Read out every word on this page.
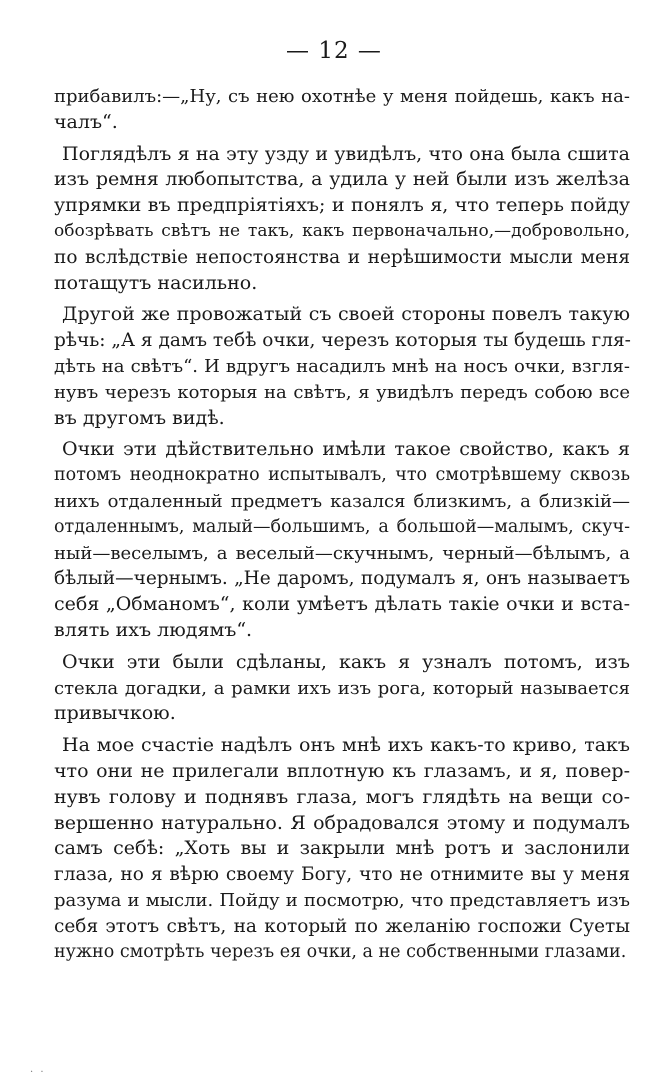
— 12 —
прибавилъ:—„Ну, съ нею охотнѣе у меня пойдешь, какъ на-
чалъ“.
Поглядѣлъ я на эту узду и увидѣлъ, что она была сшита
изъ ремня любопытства, а удила у ней были изъ желѣза
упрямки въ предпріятіяхъ; и понялъ я, что теперь пойду
обозрѣвать свѣтъ не такъ, какъ первоначально,—добровольно,
по вслѣдствіе непостоянства и нерѣшимости мысли меня
потащутъ насильно.
Другой же провожатый съ своей стороны повелъ такую
рѣчь: „А я дамъ тебѣ очки, черезъ которыя ты будешь гля-
дѣть на свѣтъ“. И вдругъ насадилъ мнѣ на носъ очки, взгля-
нувъ черезъ которыя на свѣтъ, я увидѣлъ передъ собою все
въ другомъ видѣ.
Очки эти дѣйствительно имѣли такое свойство, какъ я
потомъ неоднократно испытывалъ, что смотрѣвшему сквозь
нихъ отдаленный предметъ казался близкимъ, а близкій—
отдаленнымъ, малый—большимъ, а большой—малымъ, скуч-
ный—веселымъ, а веселый—скучнымъ, черный—бѣлымъ, а
бѣлый—чернымъ. „Не даромъ, подумалъ я, онъ называетъ
себя „Обманомъ“, коли умѣетъ дѣлать такіе очки и вста-
влять ихъ людямъ“.
Очки эти были сдѣланы, какъ я узналъ потомъ, изъ
стекла догадки, а рамки ихъ изъ рога, который называется
привычкою.
На мое счастіе надѣлъ онъ мнѣ ихъ какъ-то криво, такъ
что они не прилегали вплотную къ глазамъ, и я, повер-
нувъ голову и поднявъ глаза, могъ глядѣть на вещи со-
вершенно натурально. Я обрадовался этому и подумалъ
самъ себѣ: „Хоть вы и закрыли мнѣ ротъ и заслонили
глаза, но я вѣрю своему Богу, что не отнимите вы у меня
разума и мысли. Пойду и посмотрю, что представляетъ изъ
себя этотъ свѣтъ, на который по желанію госпожи Суеты
нужно смотрѣть черезъ ея очки, а не собственными глазами.
. .
